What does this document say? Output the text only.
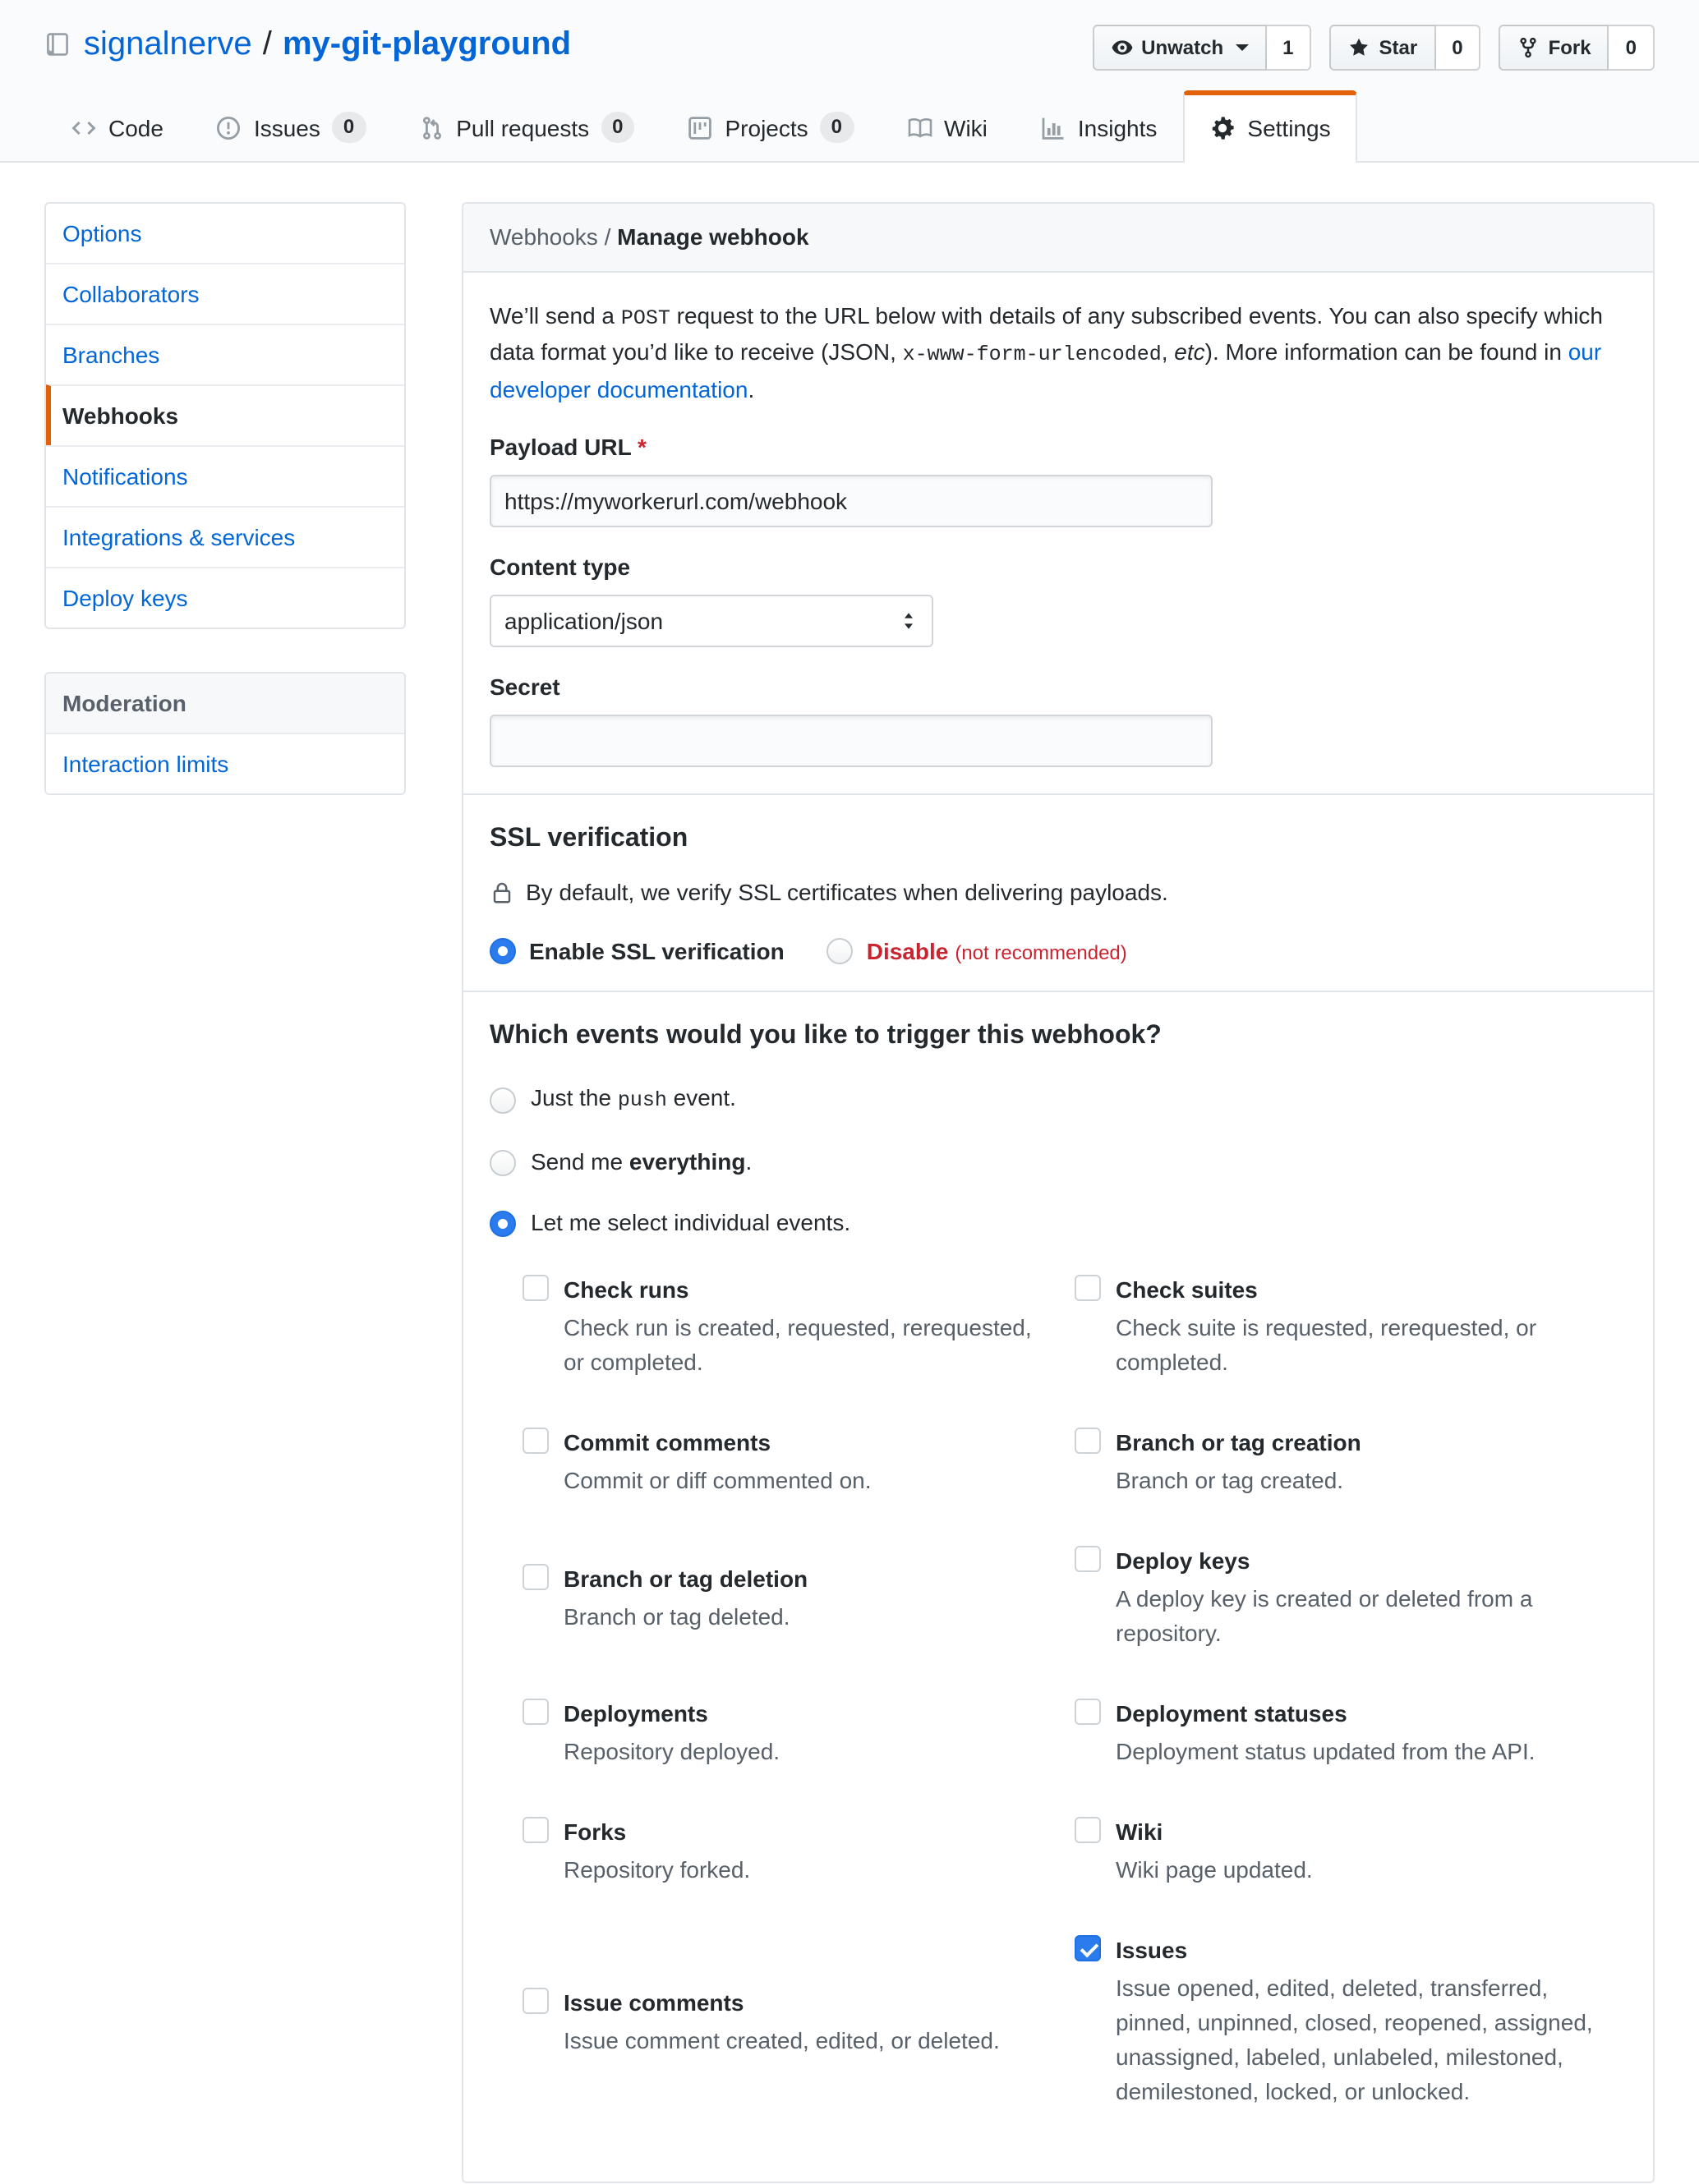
signalnerve / my-git-playground	Unwatch	1	Star	0	Fork	0
Code	Issues	0	Pull requests	0	Projects	0	Wiki	Insights	Settings
Options
Collaborators
Branches
Webhooks
Notifications
Integrations & services
Deploy keys
Moderation
Interaction limits
Webhooks / Manage webhook

We’ll send a POST request to the URL below with details of any subscribed events. You can also specify which data format you’d like to receive (JSON, x-www-form-urlencoded, etc). More information can be found in our developer documentation.

Payload URL *
https://myworkerurl.com/webhook
Content type
application/json
Secret
SSL verification
By default, we verify SSL certificates when delivering payloads.
Enable SSL verification	Disable (not recommended)
Which events would you like to trigger this webhook?
Just the push event.
Send me everything.
Let me select individual events.
Check runs
Check run is created, requested, rerequested, or completed.

Check suites
Check suite is requested, rerequested, or completed.

Commit comments
Commit or diff commented on.

Branch or tag creation
Branch or tag created.

Branch or tag deletion
Branch or tag deleted.

Deploy keys
A deploy key is created or deleted from a repository.

Deployments
Repository deployed.

Deployment statuses
Deployment status updated from the API.

Forks
Repository forked.

Wiki
Wiki page updated.

Issue comments
Issue comment created, edited, or deleted.

Issues
Issue opened, edited, deleted, transferred, pinned, unpinned, closed, reopened, assigned, unassigned, labeled, unlabeled, milestoned, demilestoned, locked, or unlocked.
